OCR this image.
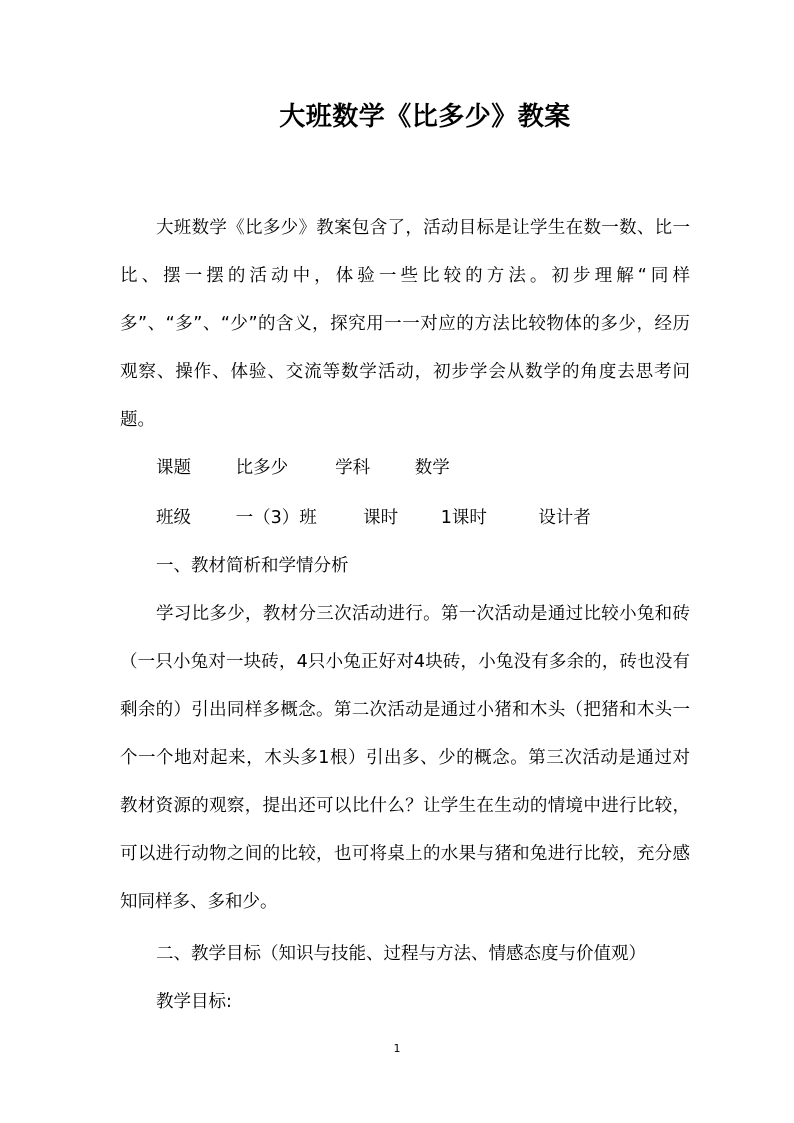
大班数学《比多少》教案

大班数学《比多少》教案包含了，活动目标是让学生在数一数、比一比、摆一摆的活动中，体验一些比较的方法。初步理解“同样多”、“多”、“少”的含义，探究用一一对应的方法比较物体的多少，经历观察、操作、体验、交流等数学活动，初步学会从数学的角度去思考问题。

课题	比多少	学科	数学
班级	一（3）班	课时 1课时	设计者
一、教材简析和学情分析

学习比多少，教材分三次活动进行。第一次活动是通过比较小兔和砖（一只小兔对一块砖，4只小兔正好对4块砖，小兔没有多余的，砖也没有剩余的）引出同样多概念。第二次活动是通过小猪和木头（把猪和木头一个一个地对起来，木头多1根）引出多、少的概念。第三次活动是通过对教材资源的观察，提出还可以比什么？让学生在生动的情境中进行比较，可以进行动物之间的比较，也可将桌上的水果与猪和兔进行比较，充分感知同样多、多和少。

二、教学目标（知识与技能、过程与方法、情感态度与价值观）
教学目标:
1
